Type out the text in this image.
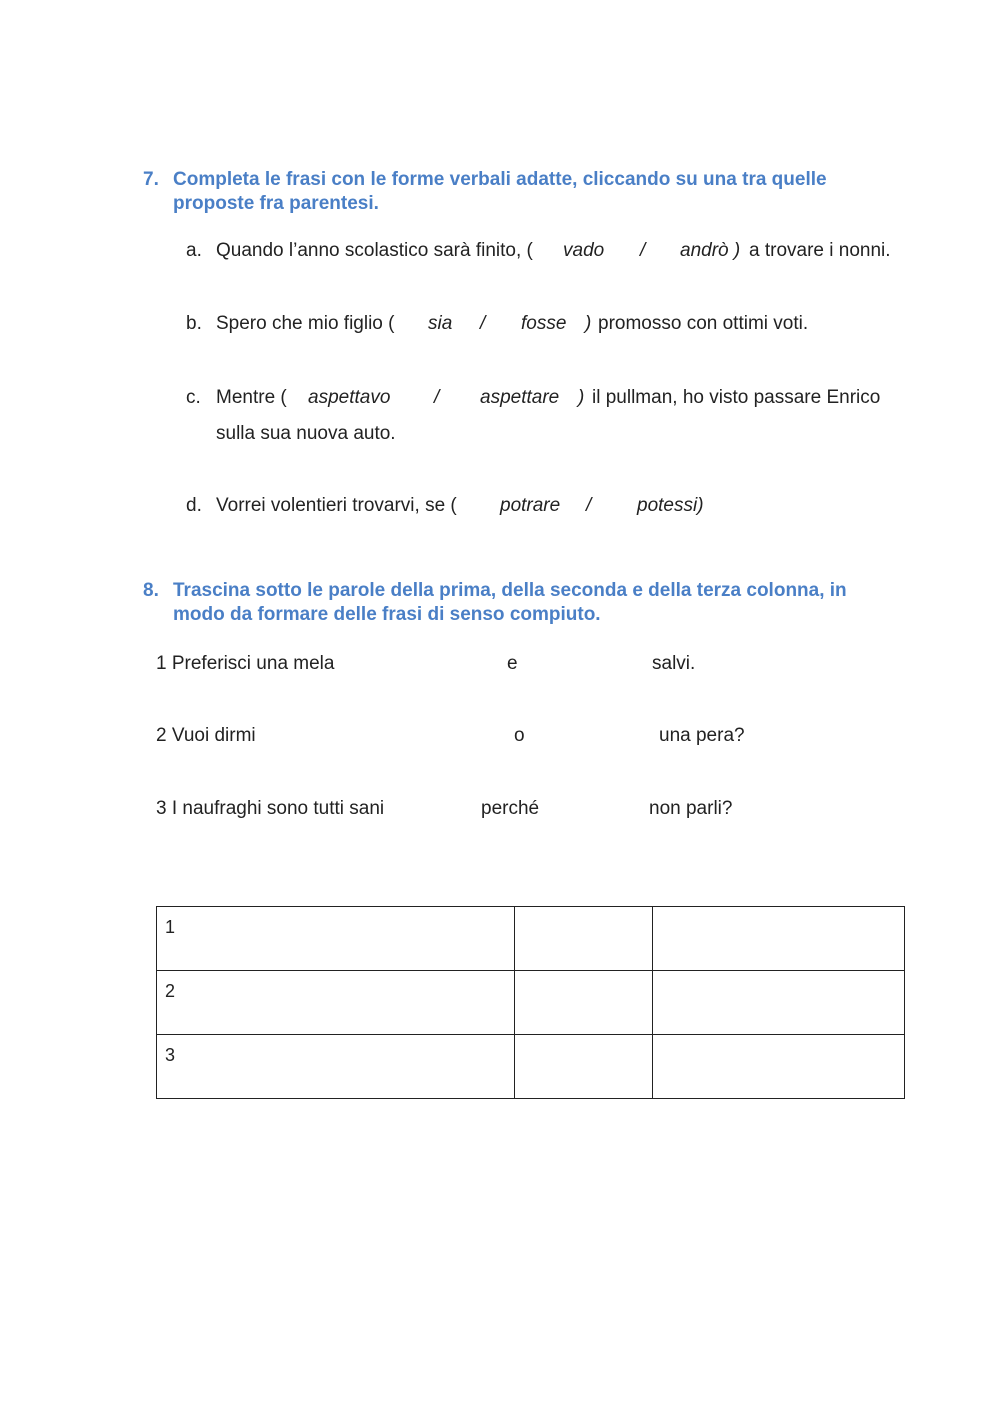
7. Completa le frasi con le forme verbali adatte, cliccando su una tra quelle
proposte fra parentesi.
a. Quando l’anno scolastico sarà finito, ( vado / andrò ) a trovare i nonni.
b. Spero che mio figlio ( sia / fosse ) promosso con ottimi voti.
c. Mentre ( aspettavo / aspettare ) il pullman, ho visto passare Enrico
sulla sua nuova auto.
d. Vorrei volentieri trovarvi, se ( potrare / potessi)
8. Trascina sotto le parole della prima, della seconda e della terza colonna, in
modo da formare delle frasi di senso compiuto.
1 Preferisci una mela	e	salvi.
2 Vuoi dirmi	o	una pera?
3 I naufraghi sono tutti sani	perché	non parli?
1		
2		
3		
